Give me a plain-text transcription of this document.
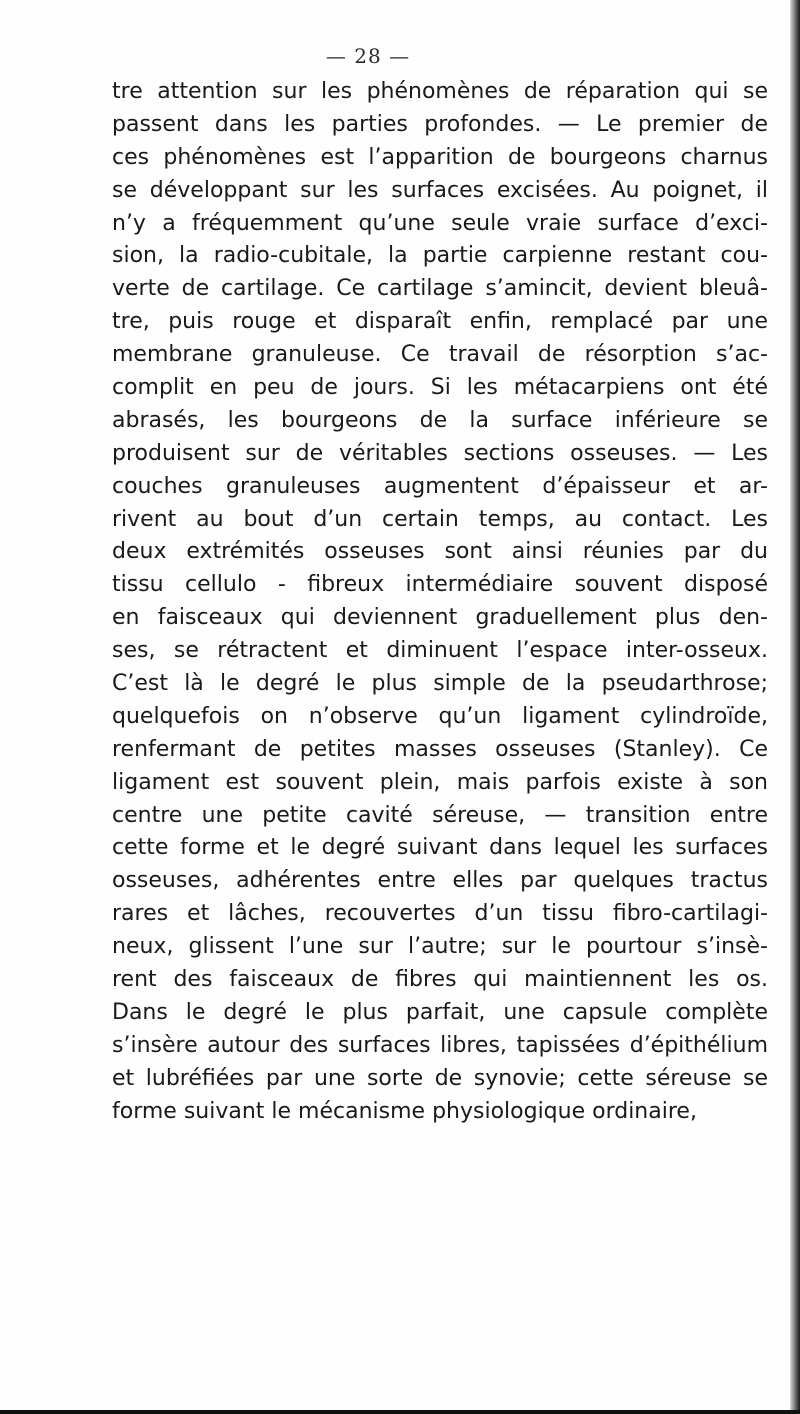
— 28 —
tre attention sur les phénomènes de réparation qui se
passent dans les parties profondes. — Le premier de
ces phénomènes est l’apparition de bourgeons charnus
se développant sur les surfaces excisées. Au poignet, il
n’y a fréquemment qu’une seule vraie surface d’exci-
sion, la radio-cubitale, la partie carpienne restant cou-
verte de cartilage. Ce cartilage s’amincit, devient bleuâ-
tre, puis rouge et disparaît enfin, remplacé par une
membrane granuleuse. Ce travail de résorption s’ac-
complit en peu de jours. Si les métacarpiens ont été
abrasés, les bourgeons de la surface inférieure se
produisent sur de véritables sections osseuses. — Les
couches granuleuses augmentent d’épaisseur et ar-
rivent au bout d’un certain temps, au contact. Les
deux extrémités osseuses sont ainsi réunies par du
tissu cellulo - fibreux intermédiaire souvent disposé
en faisceaux qui deviennent graduellement plus den-
ses, se rétractent et diminuent l’espace inter-osseux.
C’est là le degré le plus simple de la pseudarthrose;
quelquefois on n’observe qu’un ligament cylindroïde,
renfermant de petites masses osseuses (Stanley). Ce
ligament est souvent plein, mais parfois existe à son
centre une petite cavité séreuse, — transition entre
cette forme et le degré suivant dans lequel les surfaces
osseuses, adhérentes entre elles par quelques tractus
rares et lâches, recouvertes d’un tissu fibro-cartilagi-
neux, glissent l’une sur l’autre; sur le pourtour s’insè-
rent des faisceaux de fibres qui maintiennent les os.
Dans le degré le plus parfait, une capsule complète
s’insère autour des surfaces libres, tapissées d’épithélium
et lubréfiées par une sorte de synovie; cette séreuse se
forme suivant le mécanisme physiologique ordinaire,
